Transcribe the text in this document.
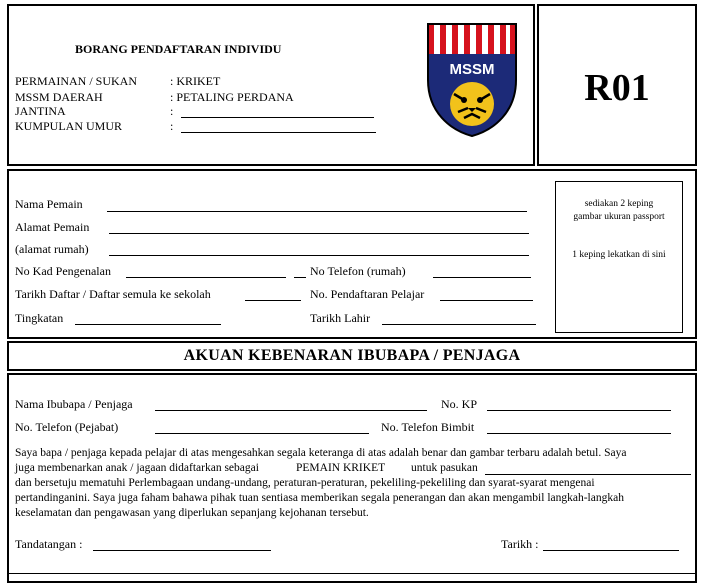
BORANG PENDAFTARAN INDIVIDU
PERMAINAN / SUKAN	: KRIKET
MSSM DAERAH	: PETALING PERDANA
JANTINA	:
KUMPULAN UMUR	:
MSSM	R01
Nama Pemain
Alamat Pemain
(alamat rumah)
No Kad Pengenalan	No Telefon (rumah)
Tarikh Daftar / Daftar semula ke sekolah	No. Pendaftaran Pelajar
Tingkatan	Tarikh Lahir
sediakan 2 keping
gambar ukuran passport
1 keping lekatkan di sini
AKUAN KEBENARAN IBUBAPA / PENJAGA
Nama Ibubapa / Penjaga	No. KP
No. Telefon (Pejabat)	No. Telefon Bimbit
Saya bapa / penjaga kepada pelajar di atas mengesahkan segala keteranga di atas adalah benar dan gambar terbaru adalah betul. Saya
juga membenarkan anak / jagaan didaftarkan sebagai	PEMAIN KRIKET untuk pasukan
dan bersetuju mematuhi Perlembagaan undang-undang, peraturan-peraturan, pekeliling-pekeliling dan syarat-syarat mengenai
pertandinganini. Saya juga faham bahawa pihak tuan sentiasa memberikan segala penerangan dan akan mengambil langkah-langkah
keselamatan dan pengawasan yang diperlukan sepanjang kejohanan tersebut.
Tandatangan :	Tarikh :
